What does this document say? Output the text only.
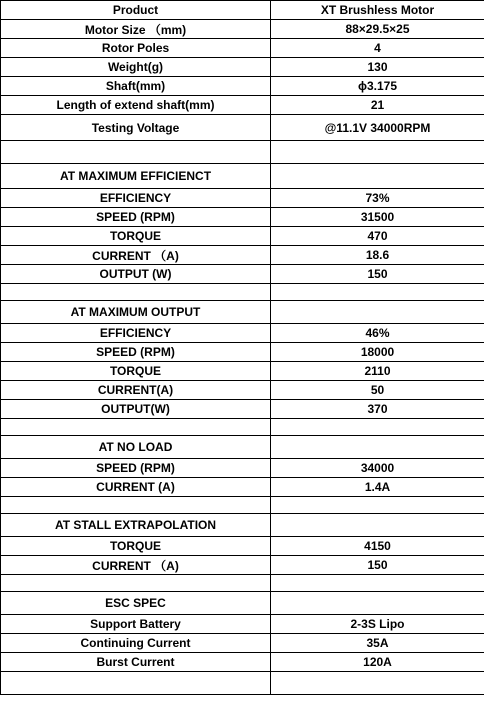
Product	XT Brushless Motor
Motor Size （mm)	88×29.5×25
Rotor Poles	4
Weight(g)	130
Shaft(mm)	ϕ3.175
Length of extend shaft(mm)	21
Testing Voltage	@11.1V 34000RPM

AT MAXIMUM EFFICIENCT	
EFFICIENCY	73%
SPEED (RPM)	31500
TORQUE	470
CURRENT （A)	18.6
OUTPUT (W)	150

AT MAXIMUM OUTPUT	
EFFICIENCY	46%
SPEED (RPM)	18000
TORQUE	2110
CURRENT(A)	50
OUTPUT(W)	370

AT NO LOAD	
SPEED (RPM)	34000
CURRENT (A)	1.4A

AT STALL EXTRAPOLATION	
TORQUE	4150
CURRENT （A)	150

ESC SPEC	
Support Battery	2-3S Lipo
Continuing Current	35A
Burst Current	120A
